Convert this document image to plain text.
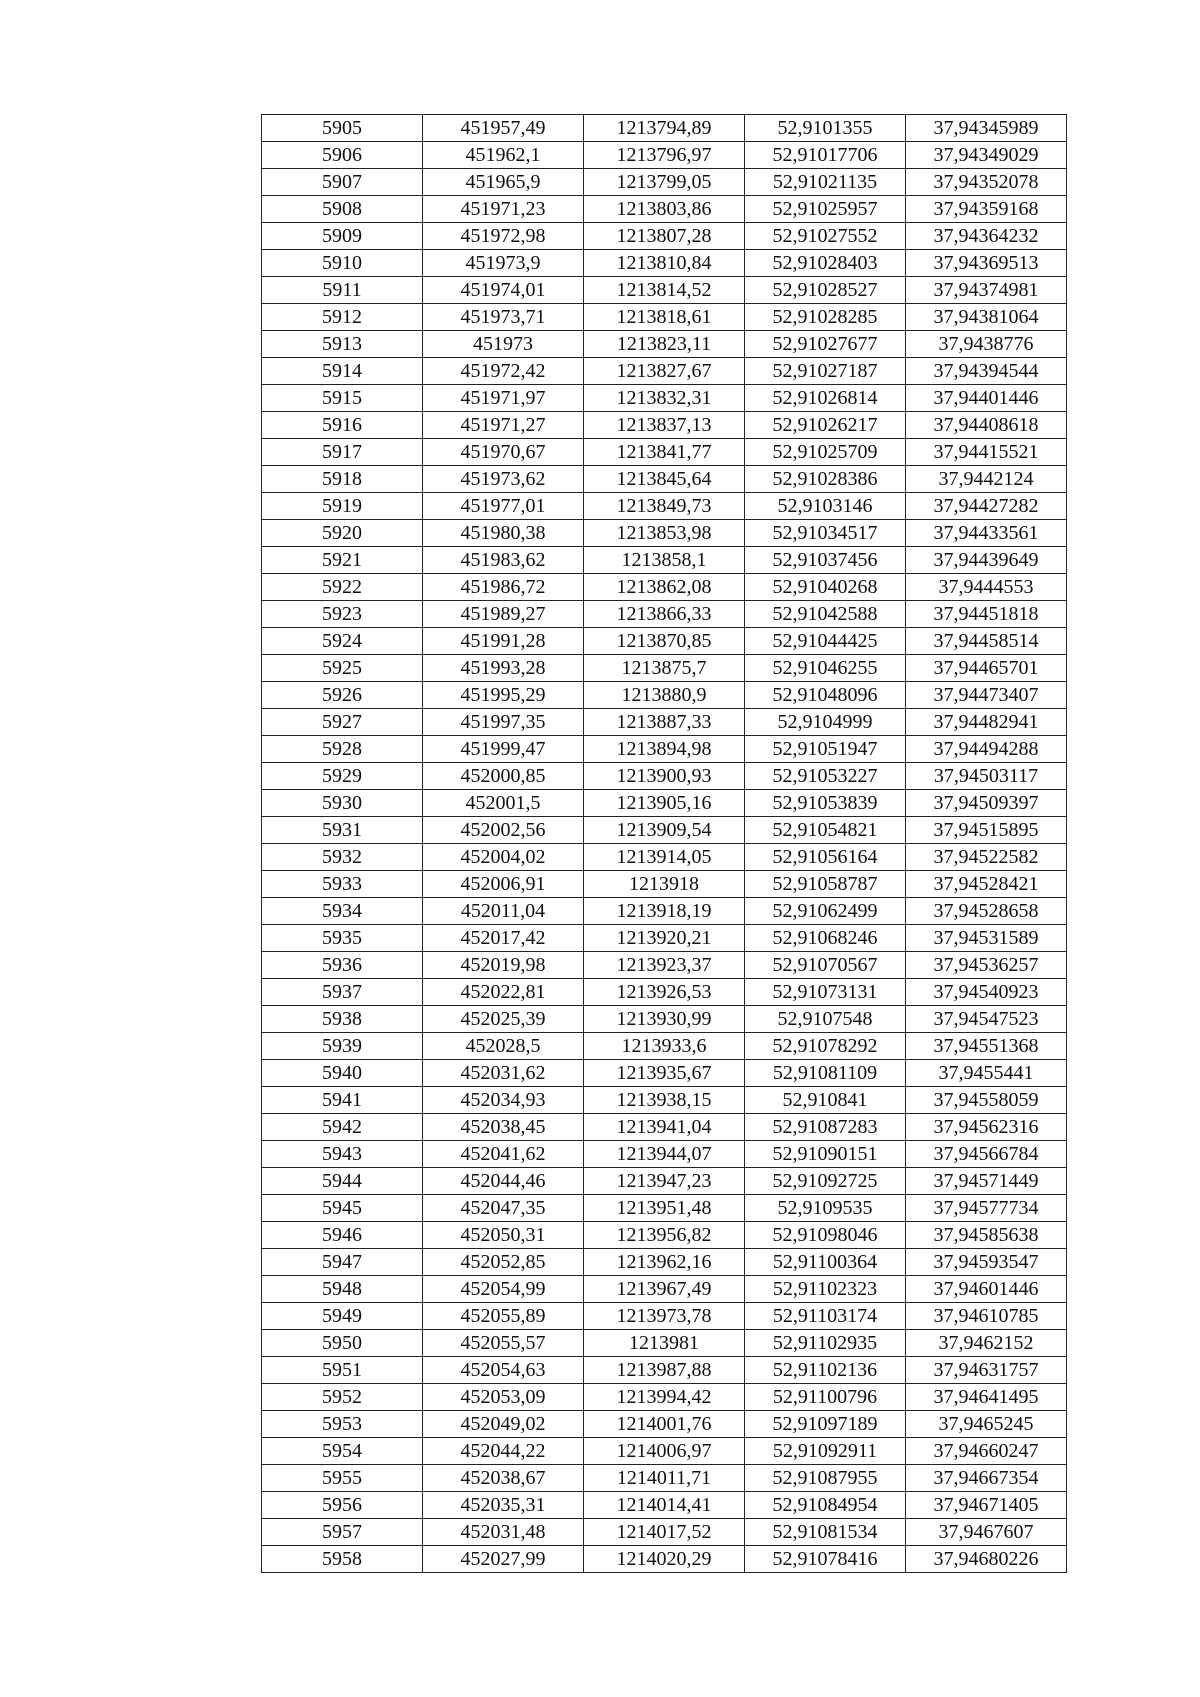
5905	451957,49	1213794,89	52,9101355	37,94345989
5906	451962,1	1213796,97	52,91017706	37,94349029
5907	451965,9	1213799,05	52,91021135	37,94352078
5908	451971,23	1213803,86	52,91025957	37,94359168
5909	451972,98	1213807,28	52,91027552	37,94364232
5910	451973,9	1213810,84	52,91028403	37,94369513
5911	451974,01	1213814,52	52,91028527	37,94374981
5912	451973,71	1213818,61	52,91028285	37,94381064
5913	451973	1213823,11	52,91027677	37,9438776
5914	451972,42	1213827,67	52,91027187	37,94394544
5915	451971,97	1213832,31	52,91026814	37,94401446
5916	451971,27	1213837,13	52,91026217	37,94408618
5917	451970,67	1213841,77	52,91025709	37,94415521
5918	451973,62	1213845,64	52,91028386	37,9442124
5919	451977,01	1213849,73	52,9103146	37,94427282
5920	451980,38	1213853,98	52,91034517	37,94433561
5921	451983,62	1213858,1	52,91037456	37,94439649
5922	451986,72	1213862,08	52,91040268	37,9444553
5923	451989,27	1213866,33	52,91042588	37,94451818
5924	451991,28	1213870,85	52,91044425	37,94458514
5925	451993,28	1213875,7	52,91046255	37,94465701
5926	451995,29	1213880,9	52,91048096	37,94473407
5927	451997,35	1213887,33	52,9104999	37,94482941
5928	451999,47	1213894,98	52,91051947	37,94494288
5929	452000,85	1213900,93	52,91053227	37,94503117
5930	452001,5	1213905,16	52,91053839	37,94509397
5931	452002,56	1213909,54	52,91054821	37,94515895
5932	452004,02	1213914,05	52,91056164	37,94522582
5933	452006,91	1213918	52,91058787	37,94528421
5934	452011,04	1213918,19	52,91062499	37,94528658
5935	452017,42	1213920,21	52,91068246	37,94531589
5936	452019,98	1213923,37	52,91070567	37,94536257
5937	452022,81	1213926,53	52,91073131	37,94540923
5938	452025,39	1213930,99	52,9107548	37,94547523
5939	452028,5	1213933,6	52,91078292	37,94551368
5940	452031,62	1213935,67	52,91081109	37,9455441
5941	452034,93	1213938,15	52,910841	37,94558059
5942	452038,45	1213941,04	52,91087283	37,94562316
5943	452041,62	1213944,07	52,91090151	37,94566784
5944	452044,46	1213947,23	52,91092725	37,94571449
5945	452047,35	1213951,48	52,9109535	37,94577734
5946	452050,31	1213956,82	52,91098046	37,94585638
5947	452052,85	1213962,16	52,91100364	37,94593547
5948	452054,99	1213967,49	52,91102323	37,94601446
5949	452055,89	1213973,78	52,91103174	37,94610785
5950	452055,57	1213981	52,91102935	37,9462152
5951	452054,63	1213987,88	52,91102136	37,94631757
5952	452053,09	1213994,42	52,91100796	37,94641495
5953	452049,02	1214001,76	52,91097189	37,9465245
5954	452044,22	1214006,97	52,91092911	37,94660247
5955	452038,67	1214011,71	52,91087955	37,94667354
5956	452035,31	1214014,41	52,91084954	37,94671405
5957	452031,48	1214017,52	52,91081534	37,9467607
5958	452027,99	1214020,29	52,91078416	37,94680226
